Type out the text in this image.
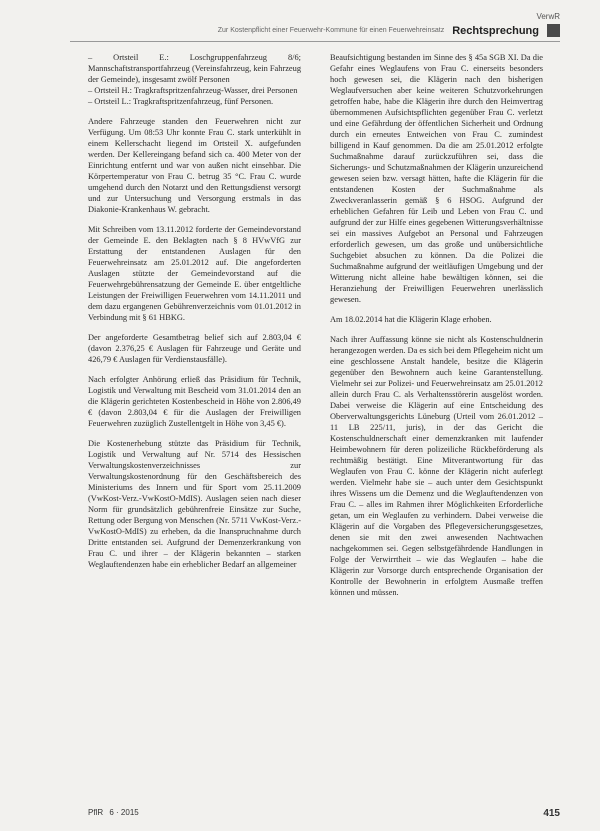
VerwR
Zur Kostenpflicht einer Feuerwehr-Kommune für einen Feuerwehreinsatz Rechtsprechung
– Ortsteil E.: Loschgruppenfahrzeug 8/6; Mannschaftstransportfahrzeug (Vereinsfahrzeug, kein Fahrzeug der Gemeinde), insgesamt zwölf Personen
– Ortsteil H.: Tragkraftspritzenfahrzeug-Wasser, drei Personen
– Ortsteil L.: Tragkraftspritzenfahrzeug, fünf Personen.

Andere Fahrzeuge standen den Feuerwehren nicht zur Verfügung. Um 08:53 Uhr konnte Frau C. stark unterkühlt in einem Kellerschacht liegend im Ortsteil X. aufgefunden werden. Der Kellereingang befand sich ca. 400 Meter von der Einrichtung entfernt und war von außen nicht einsehbar. Die Körpertemperatur von Frau C. betrug 35 °C. Frau C. wurde umgehend durch den Notarzt und den Rettungsdienst versorgt und zur Untersuchung und Versorgung erstmals in das Diakonie-Krankenhaus W. gebracht.

Mit Schreiben vom 13.11.2012 forderte der Gemeindevorstand der Gemeinde E. den Beklagten nach § 8 HVwVfG zur Erstattung der entstandenen Auslagen für den Feuerwehreinsatz am 25.01.2012 auf. Die angeforderten Auslagen stützte der Gemeindevorstand auf die Feuerwehrgebührensatzung der Gemeinde E. über entgeltliche Leistungen der Freiwilligen Feuerwehren vom 14.11.2011 und dem dazu ergangenen Gebührenverzeichnis vom 01.01.2012 in Verbindung mit § 61 HBKG.

Der angeforderte Gesamtbetrag belief sich auf 2.803,04 € (davon 2.376,25 € Auslagen für Fahrzeuge und Geräte und 426,79 € Auslagen für Verdienstausfälle).

Nach erfolgter Anhörung erließ das Präsidium für Technik, Logistik und Verwaltung mit Bescheid vom 31.01.2014 den an die Klägerin gerichteten Kostenbescheid in Höhe von 2.806,49 € (davon 2.803,04 € für die Auslagen der Freiwilligen Feuerwehren zuzüglich Zustellentgelt in Höhe von 3,45 €).

Die Kostenerhebung stützte das Präsidium für Technik, Logistik und Verwaltung auf Nr. 5714 des Hessischen Verwaltungskostenverzeichnisses zur Verwaltungskostenordnung für den Geschäftsbereich des Ministeriums des Innern und für Sport vom 25.11.2009 (VwKost-Verz.-VwKostO-MdIS). Auslagen seien nach dieser Norm für grundsätzlich gebührenfreie Einsätze zur Suche, Rettung oder Bergung von Menschen (Nr. 5711 VwKost-Verz.-VwKostO-MdIS) zu erheben, da die Inanspruchnahme durch Dritte entstanden sei. Aufgrund der Demenzerkrankung von Frau C. und ihrer – der Klägerin bekannten – starken Weglauftendenzen habe ein erheblicher Bedarf an allgemeiner

Beaufsichtigung bestanden im Sinne des § 45a SGB XI. Da die Gefahr eines Weglaufens von Frau C. einerseits besonders hoch gewesen sei, die Klägerin nach den bisherigen Weglaufversuchen aber keine weiteren Schutzvorkehrungen getroffen habe, habe die Klägerin ihre durch den Heimvertrag übernommenen Aufsichtspflichten gegenüber Frau C. verletzt und eine Gefährdung der öffentlichen Sicherheit und Ordnung durch ein erneutes Entweichen von Frau C. zumindest billigend in Kauf genommen. Da die am 25.01.2012 erfolgte Suchmaßnahme darauf zurückzuführen sei, dass die Sicherungs- und Schutzmaßnahmen der Klägerin unzureichend gewesen seien bzw. versagt hätten, hafte die Klägerin für die entstandenen Kosten der Suchmaßnahme als Zweckveranlasserin gemäß § 6 HSOG. Aufgrund der erheblichen Gefahren für Leib und Leben von Frau C. und aufgrund der zur Hilfe eines gegebenen Witterungsverhältnisse sei ein massives Aufgebot an Personal und Fahrzeugen erforderlich gewesen, um das große und unübersichtliche Suchgebiet absuchen zu können. Da die Polizei die Suchmaßnahme aufgrund der weitläufigen Umgebung und der Witterung nicht alleine habe bewältigen können, sei die Heranziehung der Freiwilligen Feuerwehren unerlässlich gewesen.

Am 18.02.2014 hat die Klägerin Klage erhoben.

Nach ihrer Auffassung könne sie nicht als Kostenschuldnerin herangezogen werden. Da es sich bei dem Pflegeheim nicht um eine geschlossene Anstalt handele, besitze die Klägerin gegenüber den Bewohnern auch keine Garantenstellung. Vielmehr sei zur Polizei- und Feuerwehreinsatz am 25.01.2012 allein durch Frau C. als Verhaltensstörerin ausgelöst worden. Dabei verweise die Klägerin auf eine Entscheidung des Oberverwaltungsgerichts Lüneburg (Urteil vom 26.01.2012 – 11 LB 225/11, juris), in der das Gericht die Kostenschuldnerschaft einer demenzkranken mit laufender Heimbewohnern für deren polizeiliche Rückbeförderung als rechtmäßig bestätigt. Eine Mitverantwortung für das Weglaufen von Frau C. könne der Klägerin nicht auferlegt werden. Vielmehr habe sie – auch unter dem Gesichtspunkt ihres Wissens um die Demenz und die Weglauftendenzen von Frau C. – alles im Rahmen ihrer Möglichkeiten Erforderliche getan, um ein Weglaufen zu verhindern. Dabei verweise die Klägerin auf die Vorgaben des Pflegeversicherungsgesetzes, denen sie mit den zwei anwesenden Nachtwachen nachgekommen sei. Gegen selbstgefährdende Handlungen in Folge der Verwirrtheit – wie das Weglaufen – habe die Klägerin zur Vorsorge durch entsprechende Organisation der Kontrolle der Bewohnerin in erfolgtem Ausmaße treffen können und müssen.

PflR 6 · 2015	415
